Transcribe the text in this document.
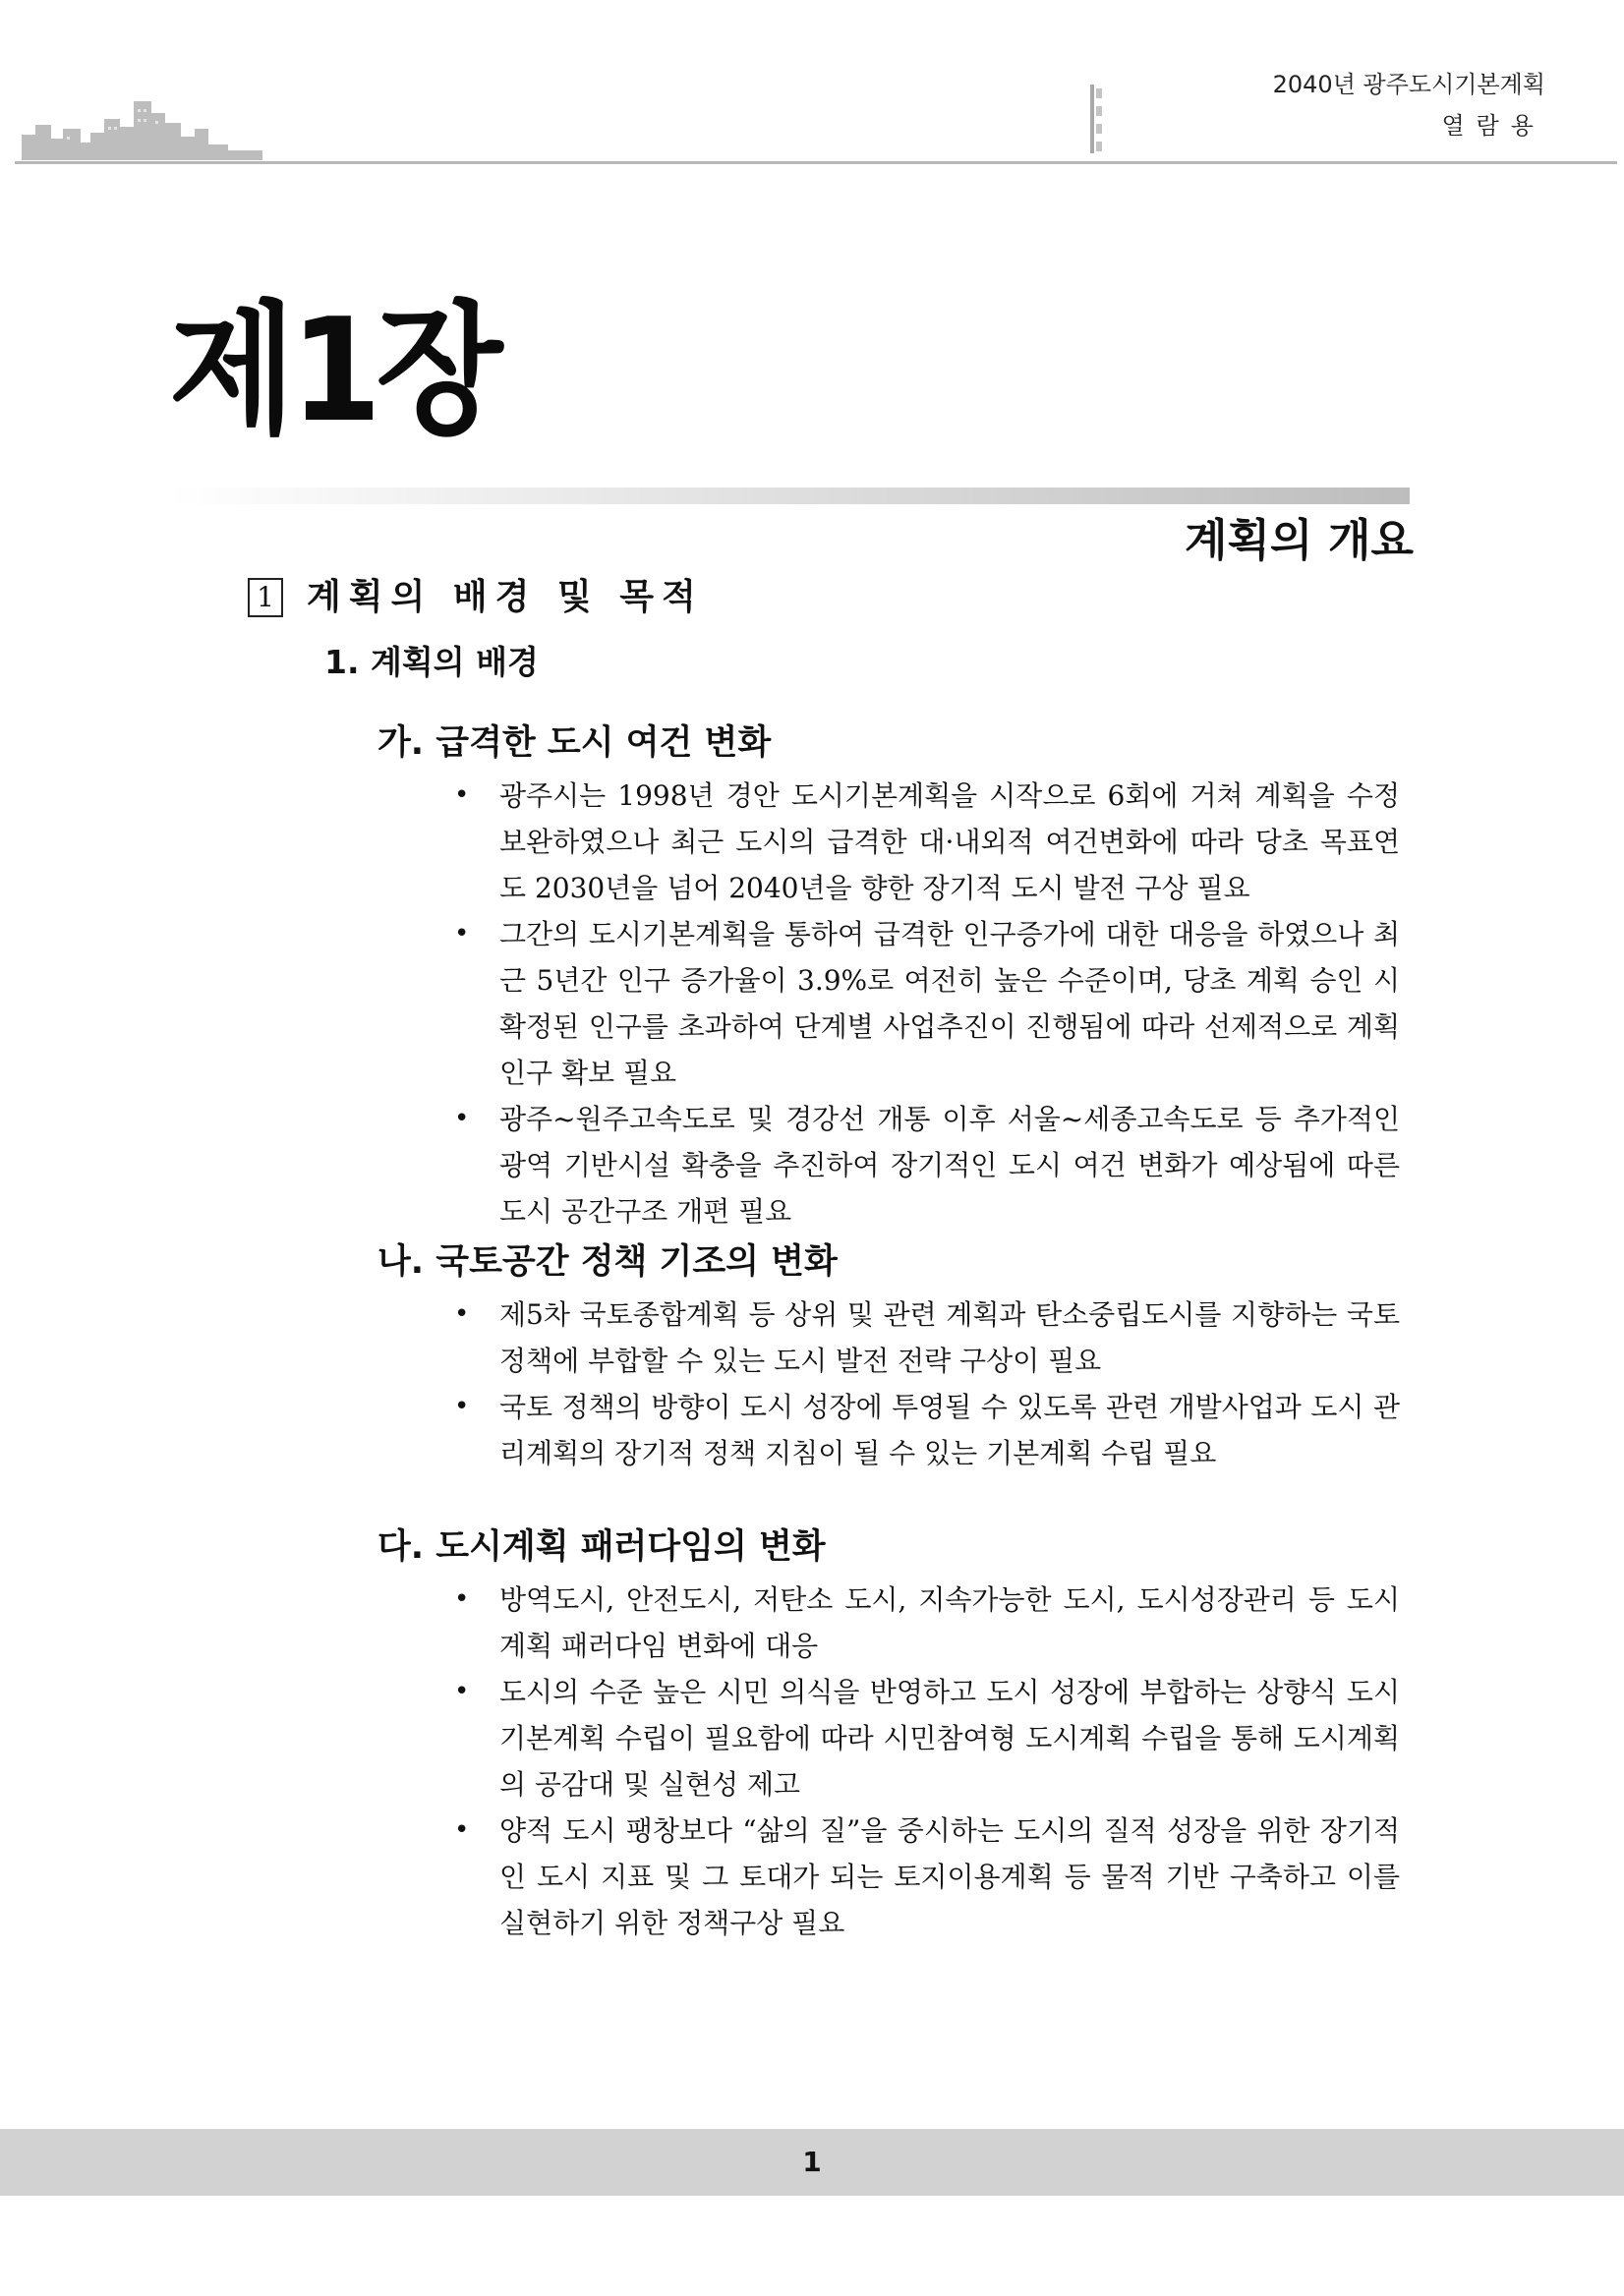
2040년 광주도시기본계획
열람용
제1장
계획의 개요
1 계획의 배경 및 목적
1. 계획의 배경
가. 급격한 도시 여건 변화
• 광주시는 1998년 경안 도시기본계획을 시작으로 6회에 거쳐 계획을 수정 보완하였으나 최근 도시의 급격한 대·내외적 여건변화에 따라 당초 목표연도 2030년을 넘어 2040년을 향한 장기적 도시 발전 구상 필요
• 그간의 도시기본계획을 통하여 급격한 인구증가에 대한 대응을 하였으나 최근 5년간 인구 증가율이 3.9%로 여전히 높은 수준이며, 당초 계획 승인 시 확정된 인구를 초과하여 단계별 사업추진이 진행됨에 따라 선제적으로 계획인구 확보 필요
• 광주~원주고속도로 및 경강선 개통 이후 서울~세종고속도로 등 추가적인 광역 기반시설 확충을 추진하여 장기적인 도시 여건 변화가 예상됨에 따른 도시 공간구조 개편 필요
나. 국토공간 정책 기조의 변화
• 제5차 국토종합계획 등 상위 및 관련 계획과 탄소중립도시를 지향하는 국토 정책에 부합할 수 있는 도시 발전 전략 구상이 필요
• 국토 정책의 방향이 도시 성장에 투영될 수 있도록 관련 개발사업과 도시 관리계획의 장기적 정책 지침이 될 수 있는 기본계획 수립 필요
다. 도시계획 패러다임의 변화
• 방역도시, 안전도시, 저탄소 도시, 지속가능한 도시, 도시성장관리 등 도시 계획 패러다임 변화에 대응
• 도시의 수준 높은 시민 의식을 반영하고 도시 성장에 부합하는 상향식 도시 기본계획 수립이 필요함에 따라 시민참여형 도시계획 수립을 통해 도시계획의 공감대 및 실현성 제고
• 양적 도시 팽창보다 “삶의 질”을 중시하는 도시의 질적 성장을 위한 장기적인 도시 지표 및 그 토대가 되는 토지이용계획 등 물적 기반 구축하고 이를 실현하기 위한 정책구상 필요
1
